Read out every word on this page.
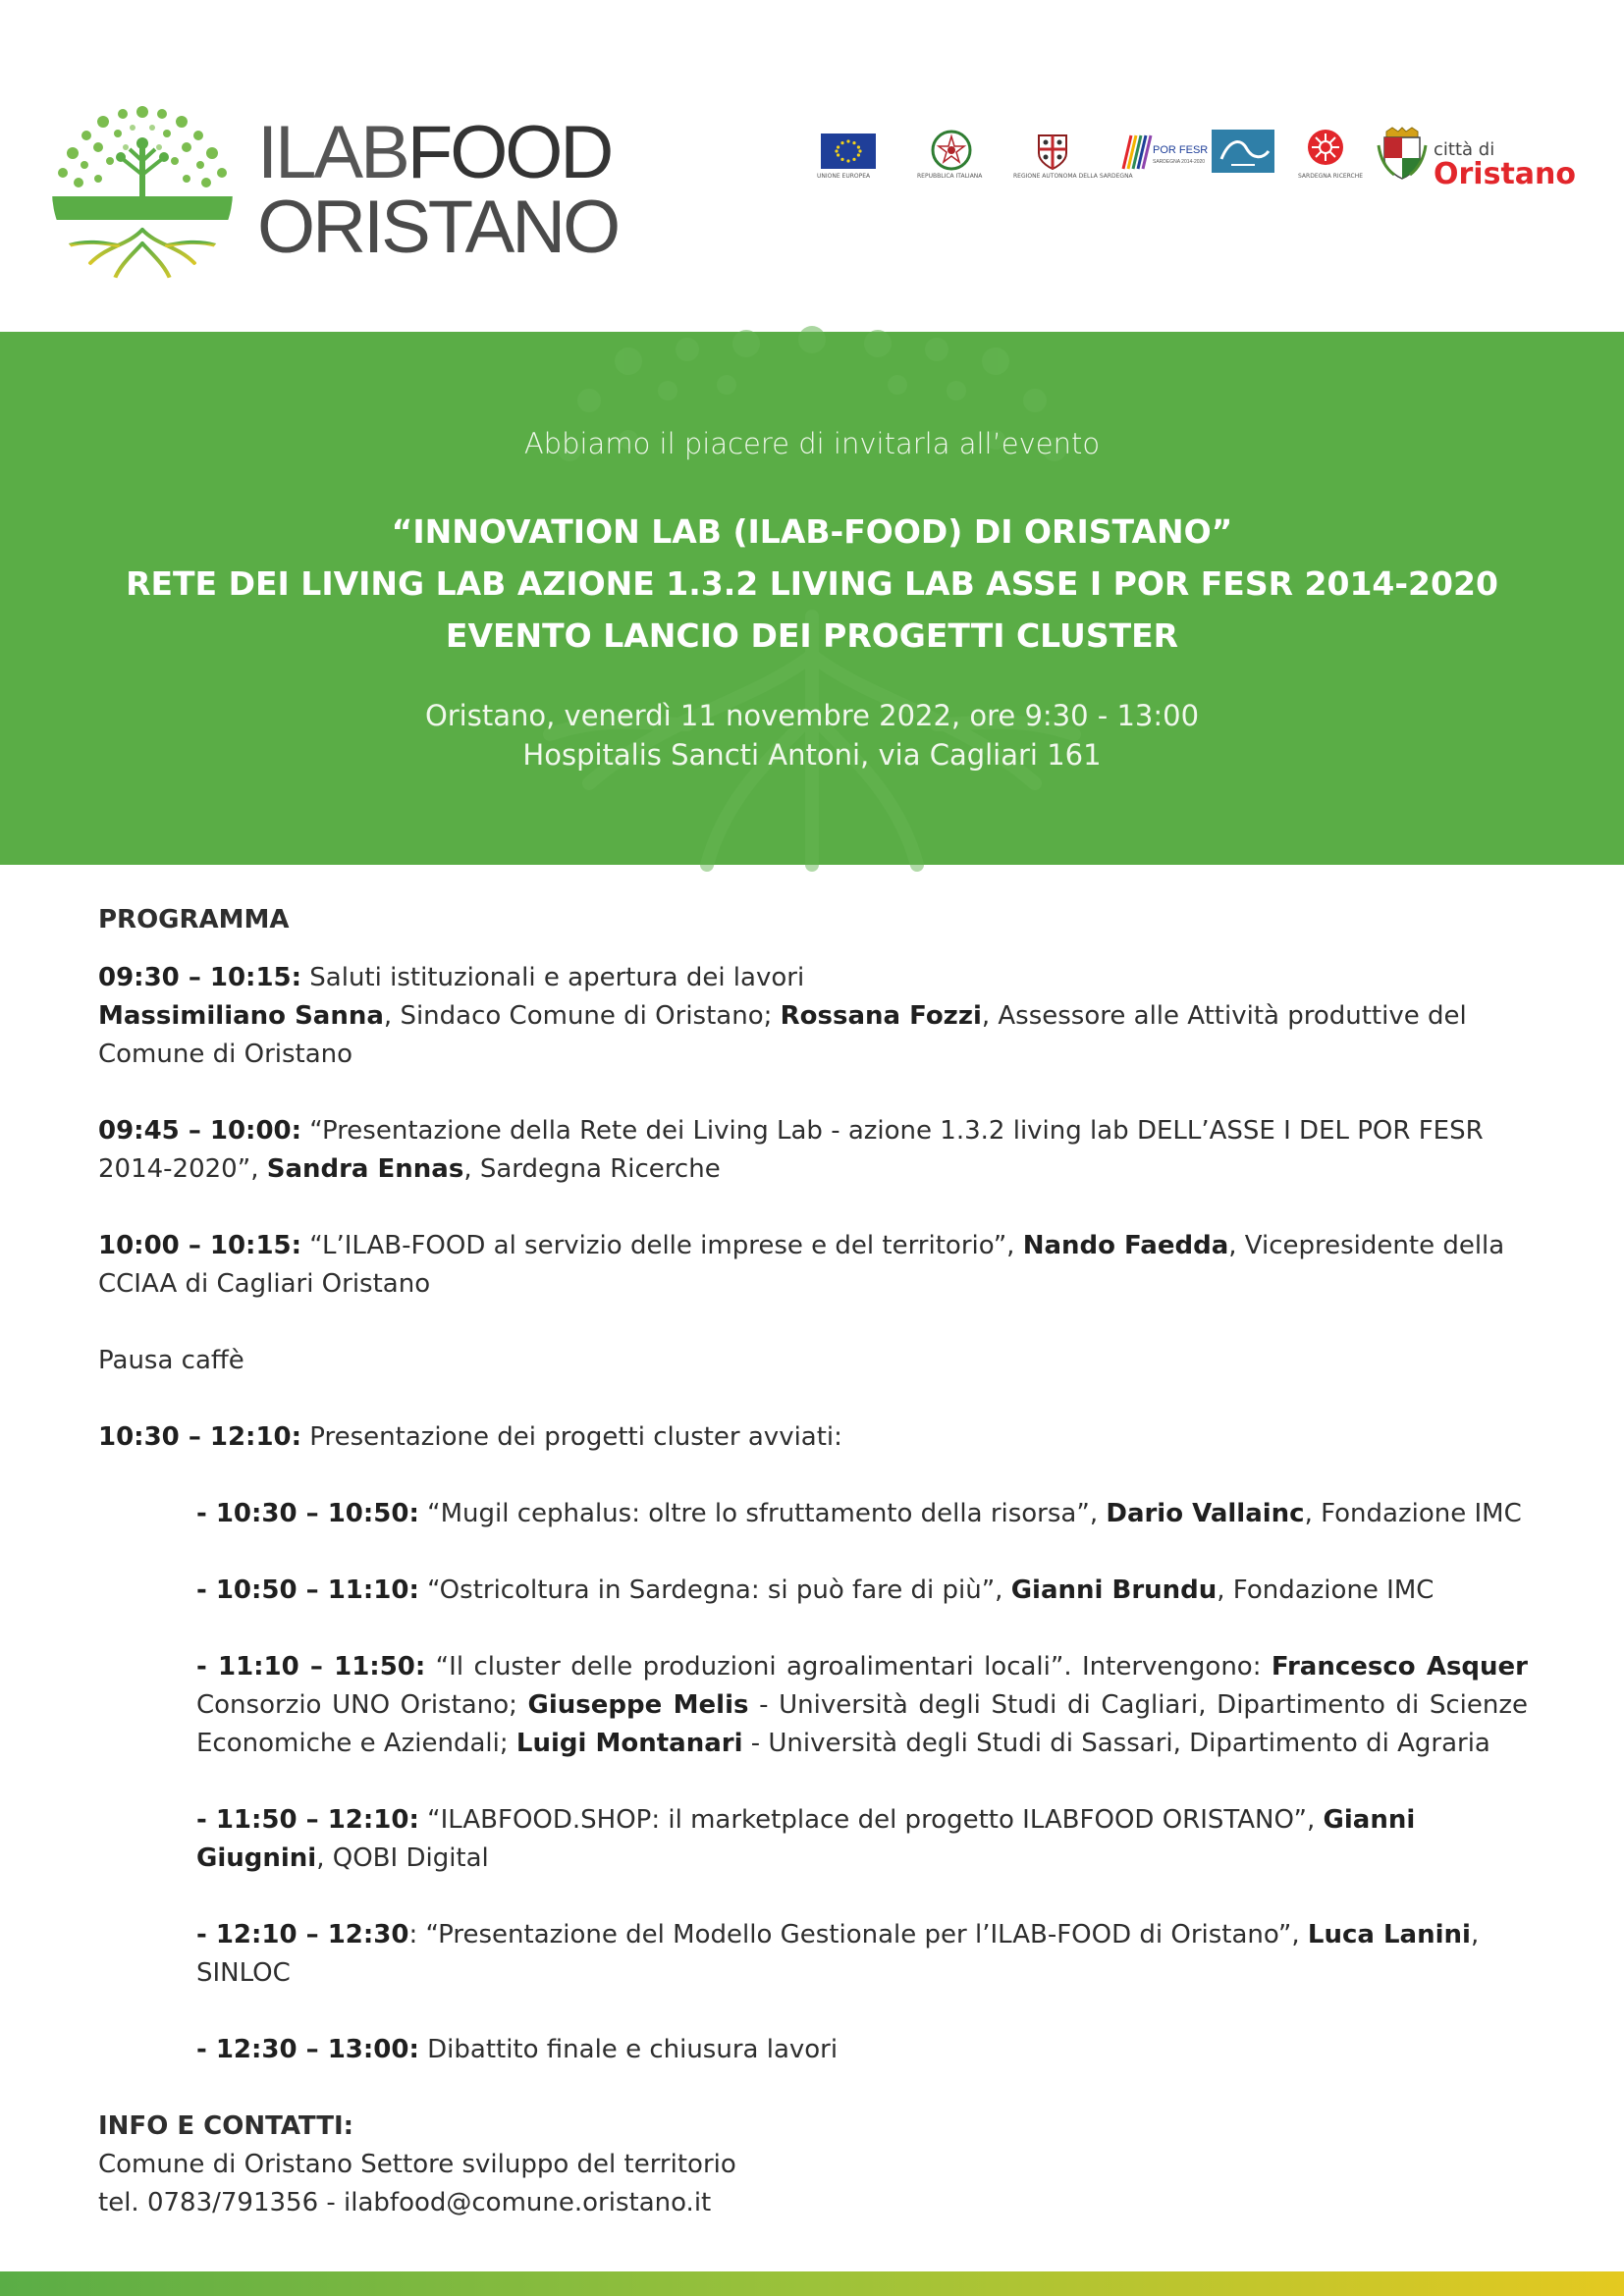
ILABFOOD
ORISTANO
UNIONE EUROPEA	REPUBBLICA ITALIANA	REGIONE AUTONOMA DELLA SARDEGNA
POR FESR
SARDEGNA 2014-2020
SARDEGNA RICERCHE
città di
Oristano
Abbiamo il piacere di invitarla all’evento
“INNOVATION LAB (ILAB-FOOD) DI ORISTANO”
RETE DEI LIVING LAB AZIONE 1.3.2 LIVING LAB ASSE I POR FESR 2014-2020
EVENTO LANCIO DEI PROGETTI CLUSTER
Oristano, venerdì 11 novembre 2022, ore 9:30 - 13:00
Hospitalis Sancti Antoni, via Cagliari 161
PROGRAMMA
09:30 – 10:15: Saluti istituzionali e apertura dei lavori
Massimiliano Sanna, Sindaco Comune di Oristano; Rossana Fozzi, Assessore alle Attività produttive del Comune di Oristano
09:45 – 10:00: “Presentazione della Rete dei Living Lab - azione 1.3.2 living lab DELL’ASSE I DEL POR FESR 2014-2020”, Sandra Ennas, Sardegna Ricerche
10:00 – 10:15: “L’ILAB-FOOD al servizio delle imprese e del territorio”, Nando Faedda, Vicepresidente della CCIAA di Cagliari Oristano
Pausa caffè
10:30 – 12:10: Presentazione dei progetti cluster avviati:
- 10:30 – 10:50: “Mugil cephalus: oltre lo sfruttamento della risorsa”, Dario Vallainc, Fondazione IMC
- 10:50 – 11:10: “Ostricoltura in Sardegna: si può fare di più”, Gianni Brundu, Fondazione IMC
- 11:10 – 11:50: “Il cluster delle produzioni agroalimentari locali”. Intervengono: Francesco Asquer Consorzio UNO Oristano; Giuseppe Melis - Università degli Studi di Cagliari, Dipartimento di Scienze Economiche e Aziendali; Luigi Montanari - Università degli Studi di Sassari, Dipartimento di Agraria
- 11:50 – 12:10: “ILABFOOD.SHOP: il marketplace del progetto ILABFOOD ORISTANO”, Gianni Giugnini, QOBI Digital
- 12:10 – 12:30: “Presentazione del Modello Gestionale per l’ILAB-FOOD di Oristano”, Luca Lanini, SINLOC
- 12:30 – 13:00: Dibattito finale e chiusura lavori
INFO E CONTATTI:
Comune di Oristano Settore sviluppo del territorio
tel. 0783/791356 - ilabfood@comune.oristano.it
